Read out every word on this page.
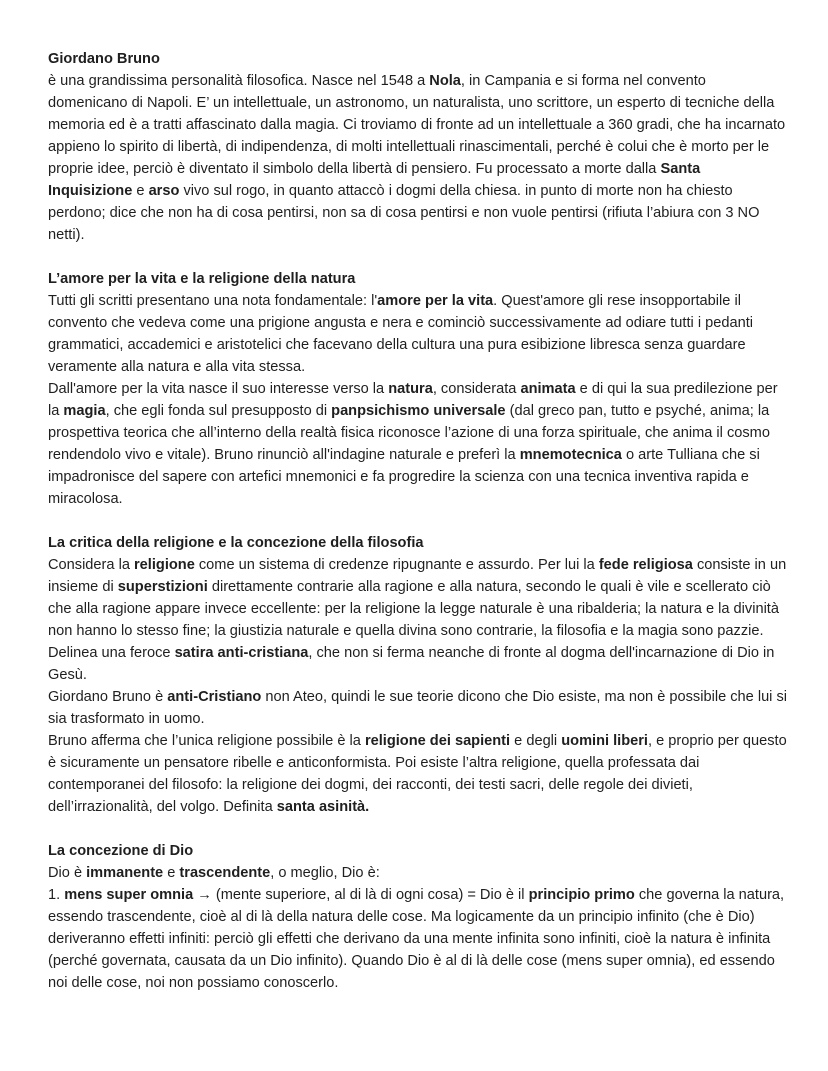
Giordano Bruno

è una grandissima personalità filosofica. Nasce nel 1548 a Nola, in Campania e si forma nel convento domenicano di Napoli. E’ un intellettuale, un astronomo, un naturalista, uno scrittore, un esperto di tecniche della memoria ed è a tratti affascinato dalla magia. Ci troviamo di fronte ad un intellettuale a 360 gradi, che ha incarnato appieno lo spirito di libertà, di indipendenza, di molti intellettuali rinascimentali, perché è colui che è morto per le proprie idee, perciò è diventato il simbolo della libertà di pensiero. Fu processato a morte dalla Santa Inquisizione e arso vivo sul rogo, in quanto attaccò i dogmi della chiesa. in punto di morte non ha chiesto perdono; dice che non ha di cosa pentirsi, non sa di cosa pentirsi e non vuole pentirsi (rifiuta l’abiura con 3 NO netti).

L’amore per la vita e la religione della natura

Tutti gli scritti presentano una nota fondamentale: l'amore per la vita. Quest'amore gli rese insopportabile il convento che vedeva come una prigione angusta e nera e cominciò successivamente ad odiare tutti i pedanti grammatici, accademici e aristotelici che facevano della cultura una pura esibizione libresca senza guardare veramente alla natura e alla vita stessa.

Dall'amore per la vita nasce il suo interesse verso la natura, considerata animata e di qui la sua predilezione per la magia, che egli fonda sul presupposto di panpsichismo universale (dal greco pan, tutto e psyché, anima; la prospettiva teorica che all’interno della realtà fisica riconosce l’azione di una forza spirituale, che anima il cosmo rendendolo vivo e vitale). Bruno rinunciò all'indagine naturale e preferì la mnemotecnica o arte Tulliana che si impadronisce del sapere con artefici mnemonici e fa progredire la scienza con una tecnica inventiva rapida e miracolosa.

La critica della religione e la concezione della filosofia

Considera la religione come un sistema di credenze ripugnante e assurdo. Per lui la fede religiosa consiste in un insieme di superstizioni direttamente contrarie alla ragione e alla natura, secondo le quali è vile e scellerato ciò che alla ragione appare invece eccellente: per la religione la legge naturale è una ribalderia; la natura e la divinità non hanno lo stesso fine; la giustizia naturale e quella divina sono contrarie, la filosofia e la magia sono pazzie.

Delinea una feroce satira anti-cristiana, che non si ferma neanche di fronte al dogma dell'incarnazione di Dio in Gesù.

Giordano Bruno è anti-Cristiano non Ateo, quindi le sue teorie dicono che Dio esiste, ma non è possibile che lui si sia trasformato in uomo.

Bruno afferma che l’unica religione possibile è la religione dei sapienti e degli uomini liberi, e proprio per questo è sicuramente un pensatore ribelle e anticonformista. Poi esiste l’altra religione, quella professata dai contemporanei del filosofo: la religione dei dogmi, dei racconti, dei testi sacri, delle regole dei divieti, dell’irrazionalità, del volgo. Definita santa asinità.

La concezione di Dio

Dio è immanente e trascendente, o meglio, Dio è:

1. mens super omnia → (mente superiore, al di là di ogni cosa) = Dio è il principio primo che governa la natura, essendo trascendente, cioè al di là della natura delle cose. Ma logicamente da un principio infinito (che è Dio) deriveranno effetti infiniti: perciò gli effetti che derivano da una mente infinita sono infiniti, cioè la natura è infinita (perché governata, causata da un Dio infinito). Quando Dio è al di là delle cose (mens super omnia), ed essendo noi delle cose, noi non possiamo conoscerlo.
